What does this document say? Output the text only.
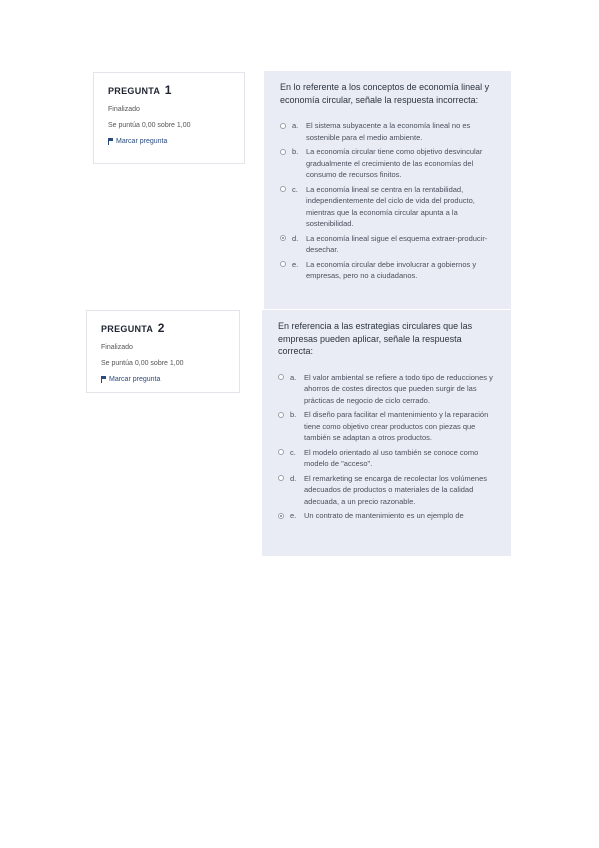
PREGUNTA 1
Finalizado
Se puntúa 0,00 sobre 1,00
Marcar pregunta
En lo referente a los conceptos de economía lineal y economía circular, señale la respuesta incorrecta:
a.	El sistema subyacente a la economía lineal no es sostenible para el medio ambiente.
b.	La economía circular tiene como objetivo desvincular gradualmente el crecimiento de las economías del consumo de recursos finitos.
c.	La economía lineal se centra en la rentabilidad, independientemente del ciclo de vida del producto, mientras que la economía circular apunta a la sostenibilidad.
d.	La economía lineal sigue el esquema extraer-producir-desechar.
e.	La economía circular debe involucrar a gobiernos y empresas, pero no a ciudadanos.
PREGUNTA 2
Finalizado
Se puntúa 0,00 sobre 1,00
Marcar pregunta
En referencia a las estrategias circulares que las empresas pueden aplicar, señale la respuesta correcta:
a.	El valor ambiental se refiere a todo tipo de reducciones y ahorros de costes directos que pueden surgir de las prácticas de negocio de ciclo cerrado.
b.	El diseño para facilitar el mantenimiento y la reparación tiene como objetivo crear productos con piezas que también se adaptan a otros productos.
c.	El modelo orientado al uso también se conoce como modelo de "acceso".
d.	El remarketing se encarga de recolectar los volúmenes adecuados de productos o materiales de la calidad adecuada, a un precio razonable.
e.	Un contrato de mantenimiento es un ejemplo de
